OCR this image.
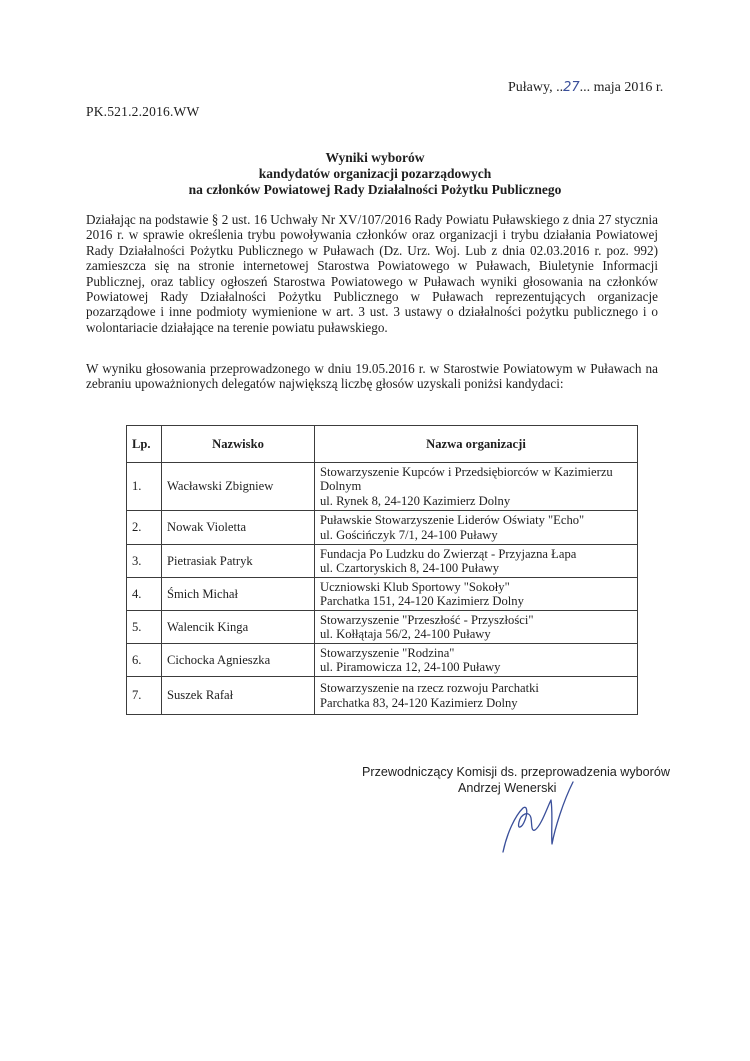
Puławy, ..27... maja 2016 r.
PK.521.2.2016.WW
Wyniki wyborów
kandydatów organizacji pozarządowych
na członków Powiatowej Rady Działalności Pożytku Publicznego
Działając na podstawie § 2 ust. 16 Uchwały Nr XV/107/2016 Rady Powiatu Puławskiego z dnia 27 stycznia 2016 r. w sprawie określenia trybu powoływania członków oraz organizacji i trybu działania Powiatowej Rady Działalności Pożytku Publicznego w Puławach (Dz. Urz. Woj. Lub z dnia 02.03.2016 r. poz. 992) zamieszcza się na stronie internetowej Starostwa Powiatowego w Puławach, Biuletynie Informacji Publicznej, oraz tablicy ogłoszeń Starostwa Powiatowego w Puławach wyniki głosowania na członków Powiatowej Rady Działalności Pożytku Publicznego w Puławach reprezentujących organizacje pozarządowe i inne podmioty wymienione w art. 3 ust. 3 ustawy o działalności pożytku publicznego i o wolontariacie działające na terenie powiatu puławskiego.
W wyniku głosowania przeprowadzonego w dniu 19.05.2016 r. w Starostwie Powiatowym w Puławach na zebraniu upoważnionych delegatów największą liczbę głosów uzyskali poniżsi kandydaci:
Lp.	Nazwisko	Nazwa organizacji
1.	Wacławski Zbigniew	Stowarzyszenie Kupców i Przedsiębiorców w Kazimierzu Dolnym
ul. Rynek 8, 24-120 Kazimierz Dolny

2.	Nowak Violetta	Puławskie Stowarzyszenie Liderów Oświaty "Echo"
ul. Gościńczyk 7/1, 24-100 Puławy

3.	Pietrasiak Patryk	Fundacja Po Ludzku do Zwierząt - Przyjazna Łapa
ul. Czartoryskich 8, 24-100 Puławy

4.	Śmich Michał	Uczniowski Klub Sportowy "Sokoły"
Parchatka 151, 24-120 Kazimierz Dolny

5.	Walencik Kinga	Stowarzyszenie "Przeszłość - Przyszłości"
ul. Kołłątaja 56/2, 24-100 Puławy

6.	Cichocka Agnieszka	Stowarzyszenie "Rodzina"
ul. Piramowicza 12, 24-100 Puławy

7.	Suszek Rafał	Stowarzyszenie na rzecz rozwoju Parchatki
Parchatka 83, 24-120 Kazimierz Dolny
Przewodniczący Komisji ds. przeprowadzenia wyborów
Andrzej Wenerski
